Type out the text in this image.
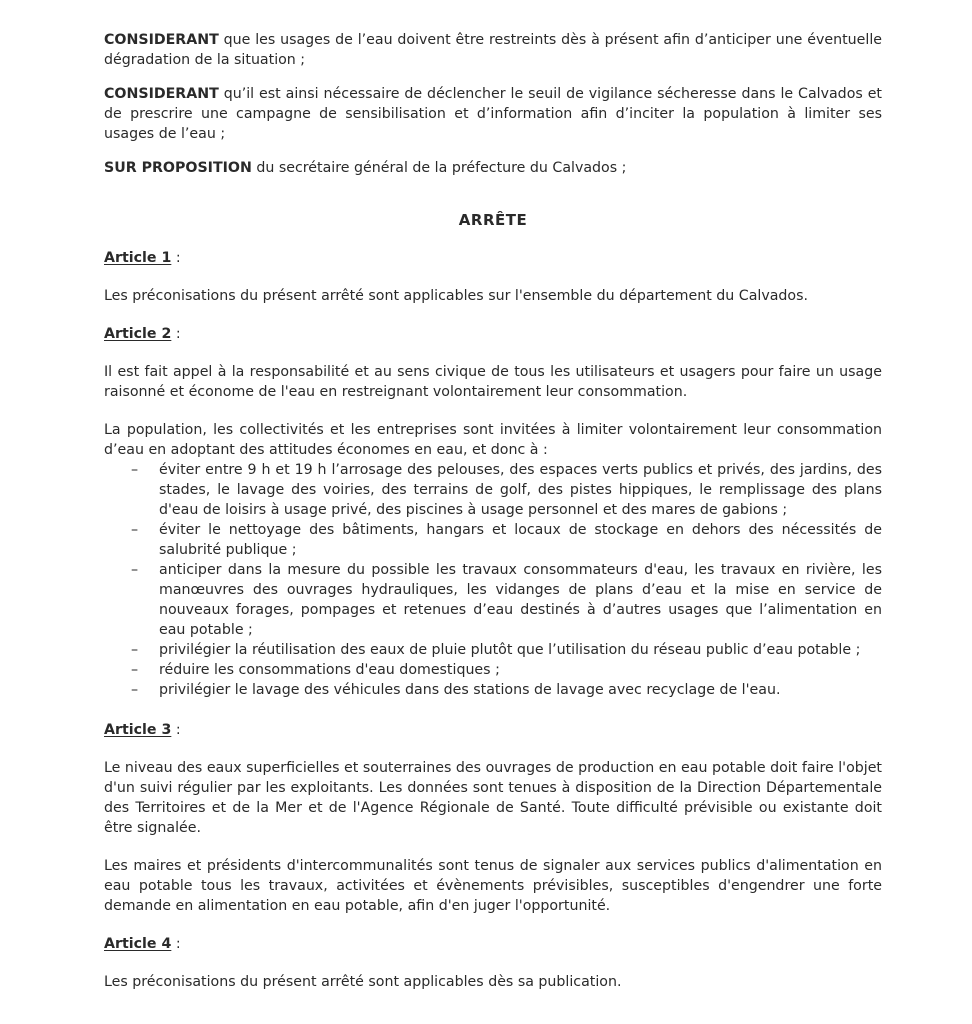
CONSIDERANT que les usages de l’eau doivent être restreints dès à présent afin d’anticiper une éventuelle dégradation de la situation ;

CONSIDERANT qu’il est ainsi nécessaire de déclencher le seuil de vigilance sécheresse dans le Calvados et de prescrire une campagne de sensibilisation et d’information afin d’inciter la population à limiter ses usages de l’eau ;

SUR PROPOSITION du secrétaire général de la préfecture du Calvados ;

ARRÊTE

Article 1 :

Les préconisations du présent arrêté sont applicables sur l'ensemble du département du Calvados.

Article 2 :

Il est fait appel à la responsabilité et au sens civique de tous les utilisateurs et usagers pour faire un usage raisonné et économe de l'eau en restreignant volontairement leur consommation.

La population, les collectivités et les entreprises sont invitées à limiter volontairement leur consommation d’eau en adoptant des attitudes économes en eau, et donc à :

– éviter entre 9 h et 19 h l’arrosage des pelouses, des espaces verts publics et privés, des jardins, des stades, le lavage des voiries, des terrains de golf, des pistes hippiques, le remplissage des plans d'eau de loisirs à usage privé, des piscines à usage personnel et des mares de gabions ;
– éviter le nettoyage des bâtiments, hangars et locaux de stockage en dehors des nécessités de salubrité publique ;
– anticiper dans la mesure du possible les travaux consommateurs d'eau, les travaux en rivière, les manœuvres des ouvrages hydrauliques, les vidanges de plans d’eau et la mise en service de nouveaux forages, pompages et retenues d’eau destinés à d’autres usages que l’alimentation en eau potable ;
– privilégier la réutilisation des eaux de pluie plutôt que l’utilisation du réseau public d’eau potable ;
– réduire les consommations d'eau domestiques ;
– privilégier le lavage des véhicules dans des stations de lavage avec recyclage de l'eau.

Article 3 :

Le niveau des eaux superficielles et souterraines des ouvrages de production en eau potable doit faire l'objet d'un suivi régulier par les exploitants. Les données sont tenues à disposition de la Direction Départementale des Territoires et de la Mer et de l'Agence Régionale de Santé. Toute difficulté prévisible ou existante doit être signalée.

Les maires et présidents d'intercommunalités sont tenus de signaler aux services publics d'alimentation en eau potable tous les travaux, activitées et évènements prévisibles, susceptibles d'engendrer une forte demande en alimentation en eau potable, afin d'en juger l'opportunité.

Article 4 :

Les préconisations du présent arrêté sont applicables dès sa publication.
